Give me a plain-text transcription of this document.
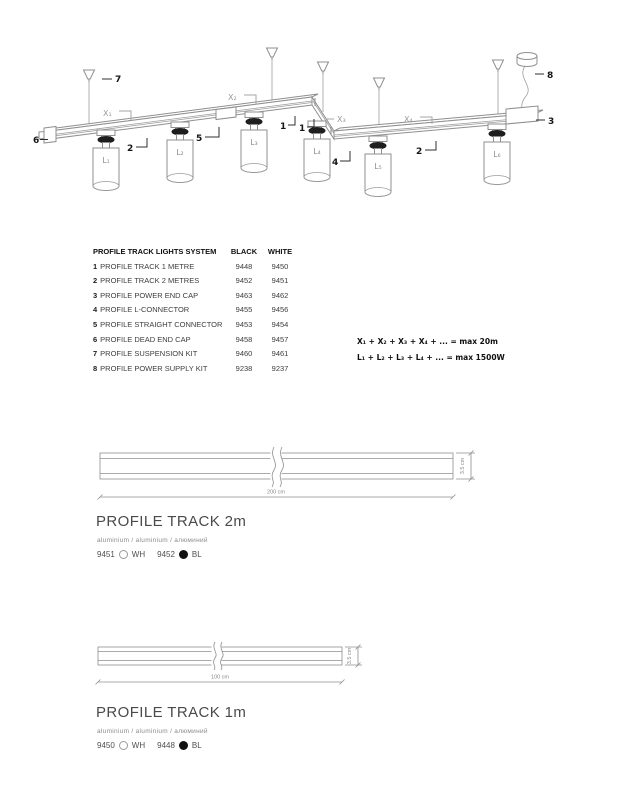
L₁
L₂
L₃
L₄
L₅
L₆
X₁
X₂
X₃	X₄
7
6
2
5
1 1
4
2
3
8
PROFILE TRACK LIGHTS SYSTEM	BLACK	WHITE
1 PROFILE TRACK 1 METRE	9448	9450
2 PROFILE TRACK 2 METRES	9452	9451
3 PROFILE POWER END CAP	9463	9462
4 PROFILE L-CONNECTOR	9455	9456
5 PROFILE STRAIGHT CONNECTOR	9453	9454
6 PROFILE DEAD END CAP	9458	9457
7 PROFILE SUSPENSION KIT	9460	9461
8 PROFILE POWER SUPPLY KIT	9238	9237
X₁ + X₂ + X₃ + X₄ + ... = max 20m
L₁ + L₂ + L₃ + L₄ + ... = max 1500W
200 cm
3.5 cm
PROFILE TRACK 2m
aluminium / aluminium / алюминий
9451 WH 9452 BL
100 cm
3.5 cm
PROFILE TRACK 1m
aluminium / aluminium / алюминий
9450 WH 9448 BL
